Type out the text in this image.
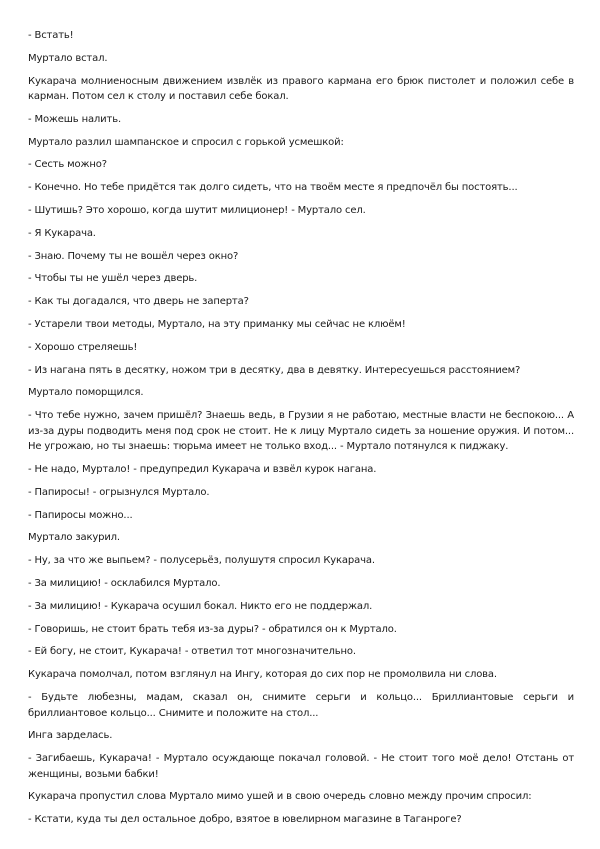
- Встать!

Муртало встал.

Кукарача молниеносным движением извлёк из правого кармана его брюк пистолет и положил себе в карман. Потом сел к столу и поставил себе бокал.

- Можешь налить.

Муртало разлил шампанское и спросил с горькой усмешкой:

- Сесть можно?

- Конечно. Но тебе придётся так долго сидеть, что на твоём месте я предпочёл бы постоять...

- Шутишь? Это хорошо, когда шутит милиционер! - Муртало сел.

- Я Кукарача.

- Знаю. Почему ты не вошёл через окно?

- Чтобы ты не ушёл через дверь.

- Как ты догадался, что дверь не заперта?

- Устарели твои методы, Муртало, на эту приманку мы сейчас не клюём!

- Хорошо стреляешь!

- Из нагана пять в десятку, ножом три в десятку, два в девятку. Интересуешься расстоянием?

Муртало поморщился.

- Что тебе нужно, зачем пришёл? Знаешь ведь, в Грузии я не работаю, местные власти не беспокою... А из-за дуры подводить меня под срок не стоит. Не к лицу Муртало сидеть за ношение оружия. И потом... Не угрожаю, но ты знаешь: тюрьма имеет не только вход... - Муртало потянулся к пиджаку.

- Не надо, Муртало! - предупредил Кукарача и взвёл курок нагана.

- Папиросы! - огрызнулся Муртало.

- Папиросы можно...

Муртало закурил.

- Ну, за что же выпьем? - полусерьёз, полушутя спросил Кукарача.

- За милицию! - осклабился Муртало.

- За милицию! - Кукарача осушил бокал. Никто его не поддержал.

- Говоришь, не стоит брать тебя из-за дуры? - обратился он к Муртало.

- Ей богу, не стоит, Кукарача! - ответил тот многозначительно.

Кукарача помолчал, потом взглянул на Ингу, которая до сих пор не промолвила ни слова.

- Будьте любезны, мадам, сказал он, снимите серьги и кольцо... Бриллиантовые серьги и бриллиантовое кольцо... Снимите и положите на стол...

Инга зарделась.

- Загибаешь, Кукарача! - Муртало осуждающе покачал головой. - Не стоит того моё дело! Отстань от женщины, возьми бабки!

Кукарача пропустил слова Муртало мимо ушей и в свою очередь словно между прочим спросил:

- Кстати, куда ты дел остальное добро, взятое в ювелирном магазине в Таганроге?
